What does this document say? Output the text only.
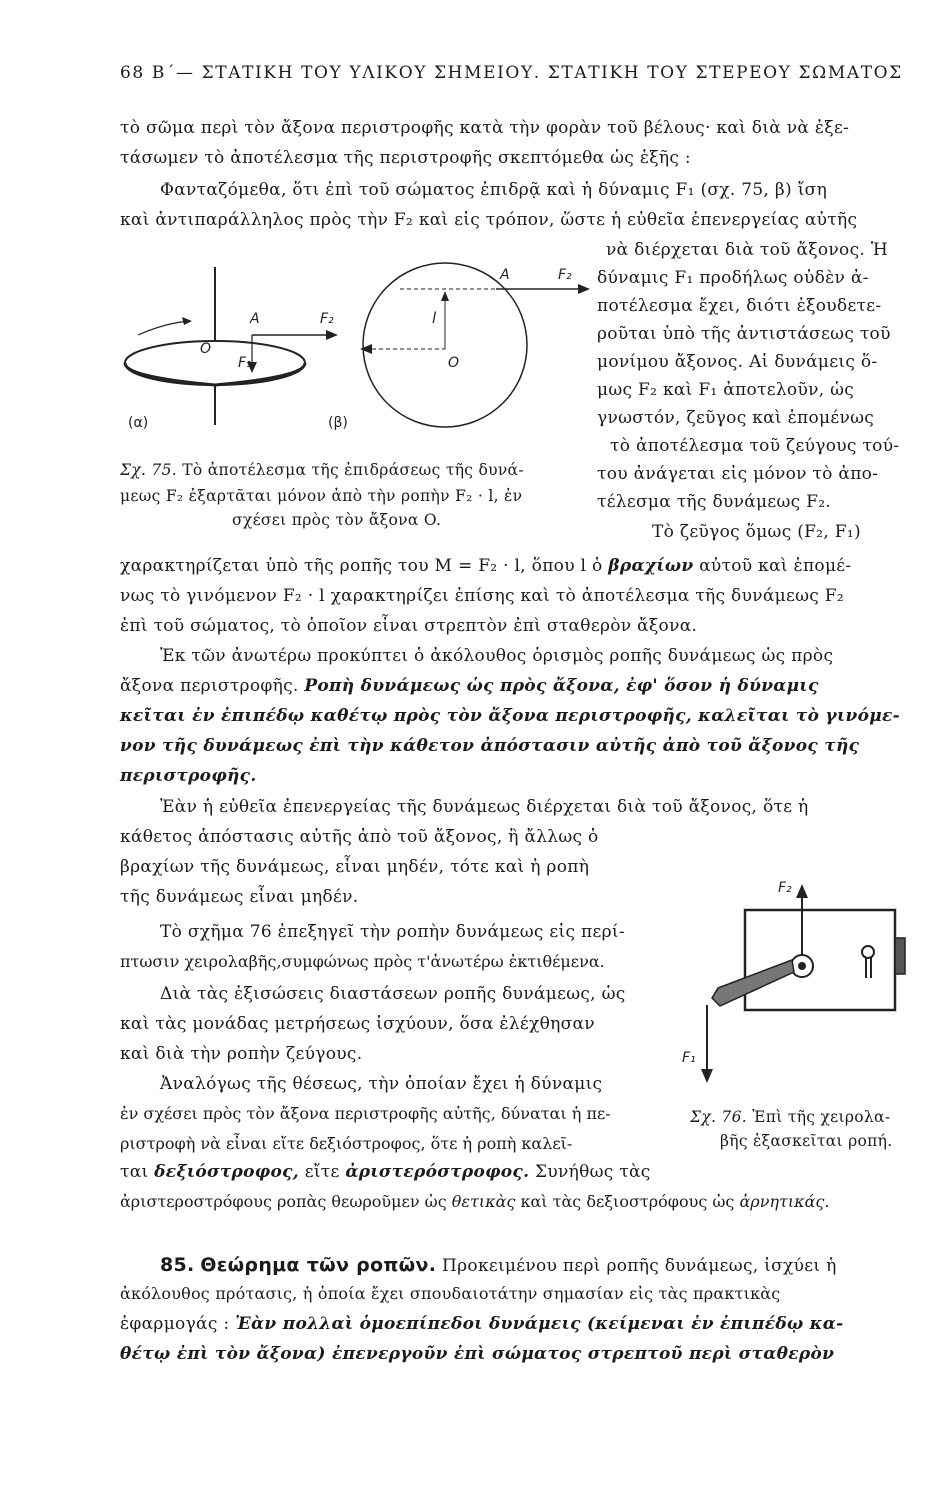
68 Β΄— ΣΤΑΤΙΚΗ ΤΟΥ ΥΛΙΚΟΥ ΣΗΜΕΙΟΥ. ΣΤΑΤΙΚΗ ΤΟΥ ΣΤΕΡΕΟΥ ΣΩΜΑΤΟΣ
τὸ σῶμα περὶ τὸν ἄξονα περιστροφῆς κατὰ τὴν φορὰν τοῦ βέλους· καὶ διὰ νὰ ἐξε-
τάσωμεν τὸ ἀποτέλεσμα τῆς περιστροφῆς σκεπτόμεθα ὡς ἑξῆς :
Φανταζόμεθα, ὅτι ἐπὶ τοῦ σώματος ἐπιδρᾷ καὶ ἡ δύναμις F₁ (σχ. 75, β) ἴση
καὶ ἀντιπαράλληλος πρὸς τὴν F₂ καὶ εἰς τρόπον, ὥστε ἡ εὐθεῖα ἐπενεργείας αὐτῆς
O
A	F₂
F₁
(α)	(β)
A	F₂
l
O
Σχ. 75. Τὸ ἀποτέλεσμα τῆς ἐπιδράσεως τῆς δυνά-
μεως F₂ ἐξαρτᾶται μόνον ἀπὸ τὴν ροπὴν F₂ · l, ἐν
σχέσει πρὸς τὸν ἄξονα O.
νὰ διέρχεται διὰ τοῦ ἄξονος. Ἡ
δύναμις F₁ προδήλως οὐδὲν ἀ-
ποτέλεσμα ἔχει, διότι ἐξουδετε-
ροῦται ὑπὸ τῆς ἀντιστάσεως τοῦ
μονίμου ἄξονος. Αἱ δυνάμεις ὅ-
μως F₂ καὶ F₁ ἀποτελοῦν, ὡς
γνωστόν, ζεῦγος καὶ ἑπομένως
τὸ ἀποτέλεσμα τοῦ ζεύγους τού-
του ἀνάγεται εἰς μόνον τὸ ἀπο-
τέλεσμα τῆς δυνάμεως F₂.
Τὸ ζεῦγος ὅμως (F₂, F₁)
χαρακτηρίζεται ὑπὸ τῆς ροπῆς του M = F₂ · l, ὅπου l ὁ βραχίων αὐτοῦ καὶ ἑπομέ-
νως τὸ γινόμενον F₂ · l χαρακτηρίζει ἐπίσης καὶ τὸ ἀποτέλεσμα τῆς δυνάμεως F₂
ἐπὶ τοῦ σώματος, τὸ ὁποῖον εἶναι στρεπτὸν ἐπὶ σταθερὸν ἄξονα.
Ἐκ τῶν ἀνωτέρω προκύπτει ὁ ἀκόλουθος ὁρισμὸς ροπῆς δυνάμεως ὡς πρὸς
ἄξονα περιστροφῆς. Ροπὴ δυνάμεως ὡς πρὸς ἄξονα, ἐφ' ὅσον ἡ δύναμις
κεῖται ἐν ἐπιπέδῳ καθέτῳ πρὸς τὸν ἄξονα περιστροφῆς, καλεῖται τὸ γινόμε-
νον τῆς δυνάμεως ἐπὶ τὴν κάθετον ἀπόστασιν αὐτῆς ἀπὸ τοῦ ἄξονος τῆς
περιστροφῆς.
Ἐὰν ἡ εὐθεῖα ἐπενεργείας τῆς δυνάμεως διέρχεται διὰ τοῦ ἄξονος, ὅτε ἡ
κάθετος ἀπόστασις αὐτῆς ἀπὸ τοῦ ἄξονος, ἢ ἄλλως ὁ
βραχίων τῆς δυνάμεως, εἶναι μηδέν, τότε καὶ ἡ ροπὴ
τῆς δυνάμεως εἶναι μηδέν.
Τὸ σχῆμα 76 ἐπεξηγεῖ τὴν ροπὴν δυνάμεως εἰς περί-
πτωσιν χειρολαβῆς,συμφώνως πρὸς τ'ἀνωτέρω ἐκτιθέμενα.
Διὰ τὰς ἐξισώσεις διαστάσεων ροπῆς δυνάμεως, ὡς
καὶ τὰς μονάδας μετρήσεως ἰσχύουν, ὅσα ἐλέχθησαν
καὶ διὰ τὴν ροπὴν ζεύγους.
Ἀναλόγως τῆς θέσεως, τὴν ὁποίαν ἔχει ἡ δύναμις
ἐν σχέσει πρὸς τὸν ἄξονα περιστροφῆς αὐτῆς, δύναται ἡ πε-
ριστροφὴ νὰ εἶναι εἴτε δεξιόστροφος, ὅτε ἡ ροπὴ καλεῖ-
ται δεξιόστροφος, εἴτε ἀριστερόστροφος. Συνήθως τὰς
ἀριστεροστρόφους ροπὰς θεωροῦμεν ὡς θετικὰς καὶ τὰς δεξιοστρόφους ὡς ἀρνητικάς.
F₂
F₁
Σχ. 76. Ἐπὶ τῆς χειρολα-
βῆς ἐξασκεῖται ροπή.
85. Θεώρημα τῶν ροπῶν. Προκειμένου περὶ ροπῆς δυνάμεως, ἰσχύει ἡ
ἀκόλουθος πρότασις, ἡ ὁποία ἔχει σπουδαιοτάτην σημασίαν εἰς τὰς πρακτικὰς
ἐφαρμογάς : Ἐὰν πολλαὶ ὁμοεπίπεδοι δυνάμεις (κείμεναι ἐν ἐπιπέδῳ κα-
θέτῳ ἐπὶ τὸν ἄξονα) ἐπενεργοῦν ἐπὶ σώματος στρεπτοῦ περὶ σταθερὸν
